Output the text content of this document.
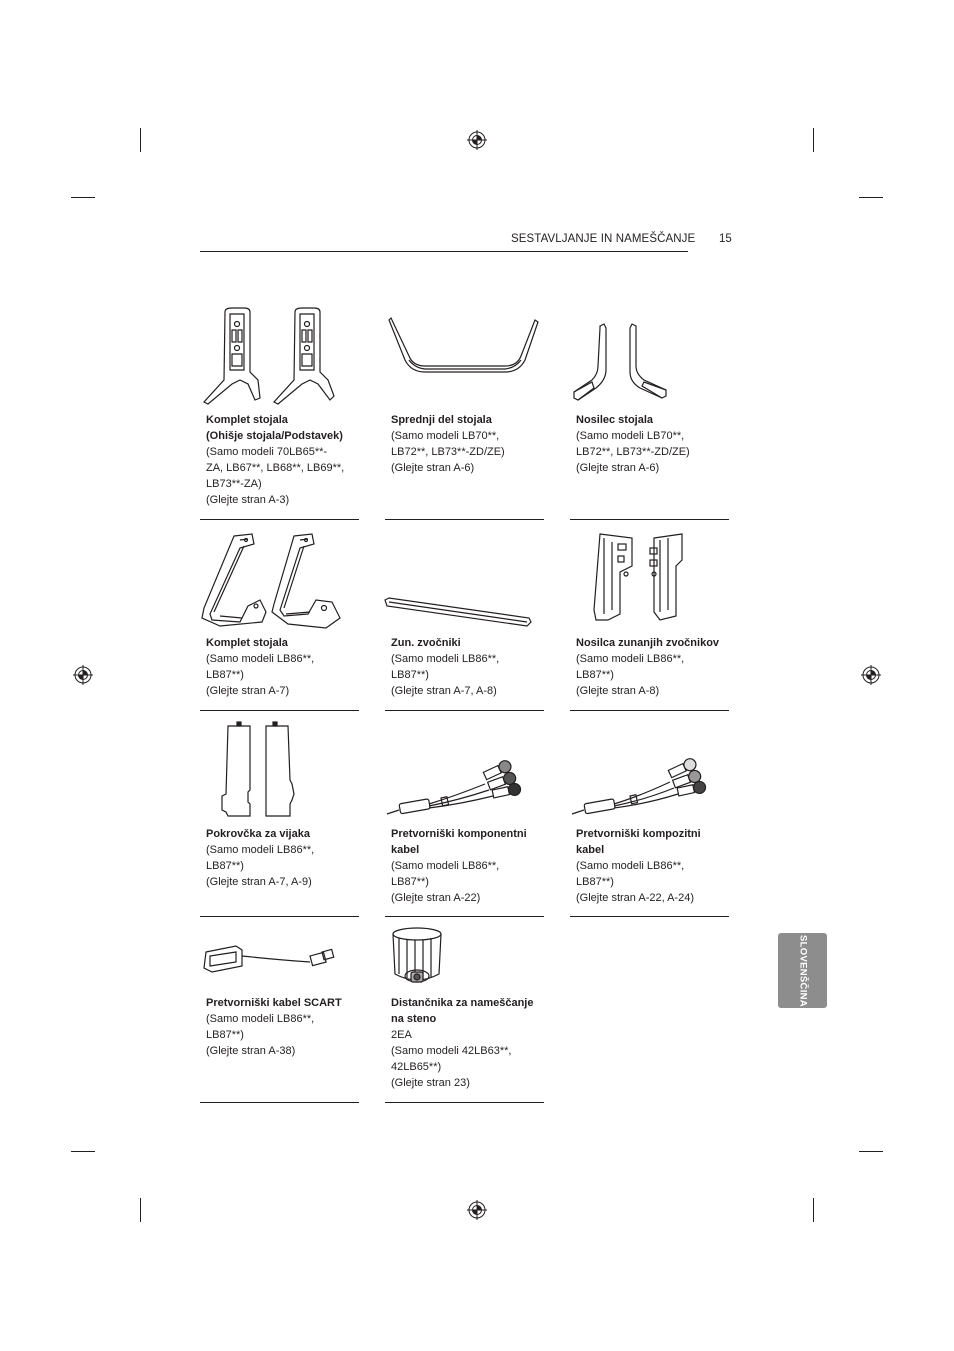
SESTAVLJANJE IN NAMEŠČANJE 15
SLOVENŠČINA
Komplet stojala
(Ohišje stojala/Podstavek)
(Samo modeli 70LB65**-
ZA, LB67**, LB68**, LB69**,
LB73**-ZA)
(Glejte stran A-3)
Sprednji del stojala
(Samo modeli LB70**,
LB72**, LB73**-ZD/ZE)
(Glejte stran A-6)
Nosilec stojala
(Samo modeli LB70**,
LB72**, LB73**-ZD/ZE)
(Glejte stran A-6)
Komplet stojala
(Samo modeli LB86**,
LB87**)
(Glejte stran A-7)
Zun. zvočniki
(Samo modeli LB86**,
LB87**)
(Glejte stran A-7, A-8)
Nosilca zunanjih zvočnikov
(Samo modeli LB86**,
LB87**)
(Glejte stran A-8)
Pokrovčka za vijaka
(Samo modeli LB86**,
LB87**)
(Glejte stran A-7, A-9)
Pretvorniški komponentni
kabel
(Samo modeli LB86**,
LB87**)
(Glejte stran A-22)
Pretvorniški kompozitni
kabel
(Samo modeli LB86**,
LB87**)
(Glejte stran A-22, A-24)
Pretvorniški kabel SCART
(Samo modeli LB86**,
LB87**)
(Glejte stran A-38)
Distančnika za nameščanje
na steno
2EA
(Samo modeli 42LB63**,
42LB65**)
(Glejte stran 23)
